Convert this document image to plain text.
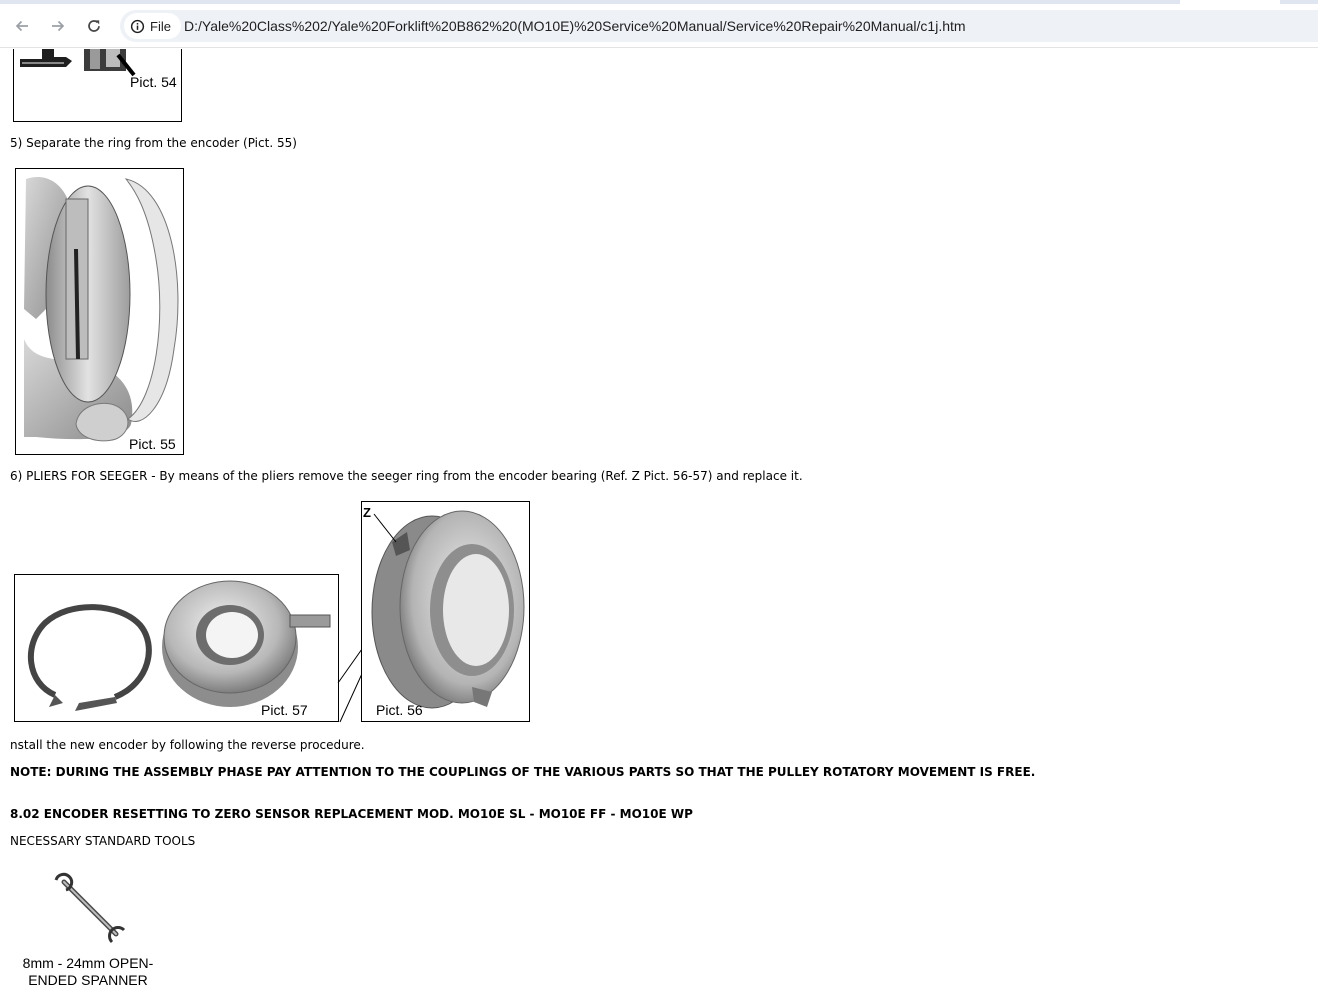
File D:/Yale%20Class%202/Yale%20Forklift%20B862%20(MO10E)%20Service%20Manual/Service%20Repair%20Manual/c1j.htm
Pict. 54
5) Separate the ring from the encoder (Pict. 55)
Pict. 55
6) PLIERS FOR SEEGER - By means of the pliers remove the seeger ring from the encoder bearing (Ref. Z Pict. 56-57) and replace it.
Pict. 57
Z
Pict. 56
nstall the new encoder by following the reverse procedure.
NOTE: DURING THE ASSEMBLY PHASE PAY ATTENTION TO THE COUPLINGS OF THE VARIOUS PARTS SO THAT THE PULLEY ROTATORY MOVEMENT IS FREE.
8.02 ENCODER RESETTING TO ZERO SENSOR REPLACEMENT MOD. MO10E SL - MO10E FF - MO10E WP
NECESSARY STANDARD TOOLS
8mm - 24mm OPEN-
ENDED SPANNER
